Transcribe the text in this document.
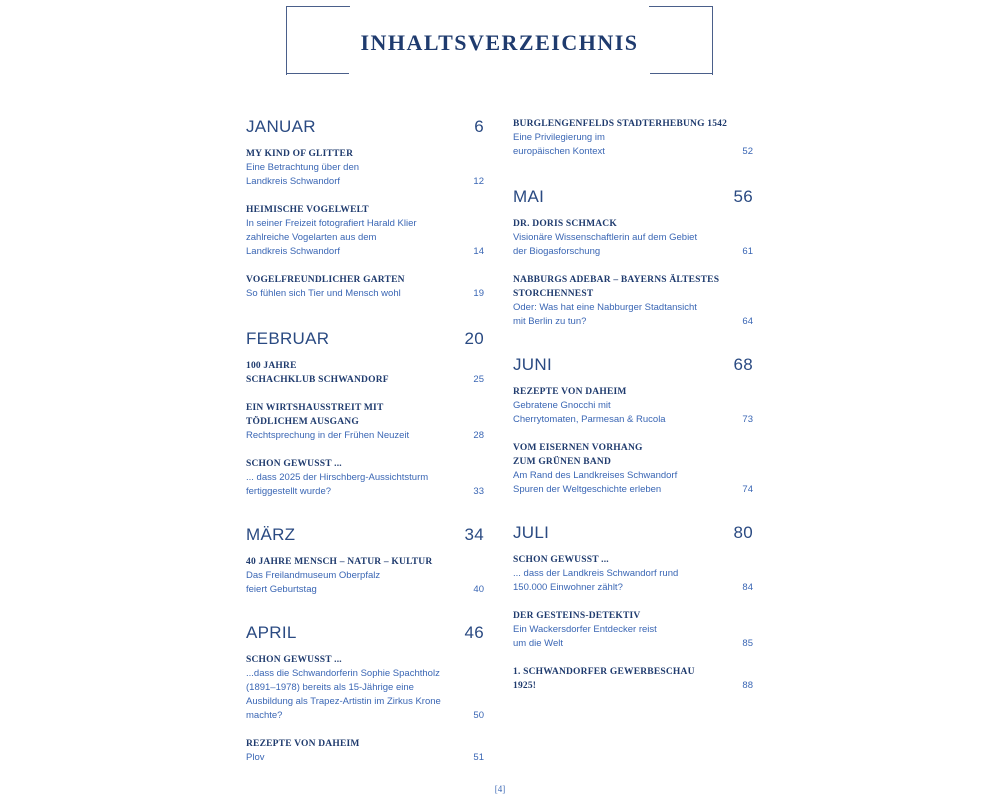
INHALTSVERZEICHNIS
JANUAR	6
MY KIND OF GLITTER
Eine Betrachtung über den
Landkreis Schwandorf	12
HEIMISCHE VOGELWELT
In seiner Freizeit fotografiert Harald Klier
zahlreiche Vogelarten aus dem
Landkreis Schwandorf	14
VOGELFREUNDLICHER GARTEN
So fühlen sich Tier und Mensch wohl	19
FEBRUAR	20
100 JAHRE
SCHACHKLUB SCHWANDORF	25
EIN WIRTSHAUSSTREIT MIT
TÖDLICHEM AUSGANG
Rechtsprechung in der Frühen Neuzeit	28
SCHON GEWUSST ...
... dass 2025 der Hirschberg-Aussichtsturm
fertiggestellt wurde?	33
MÄRZ	34
40 JAHRE MENSCH – NATUR – KULTUR
Das Freilandmuseum Oberpfalz
feiert Geburtstag	40
APRIL	46
SCHON GEWUSST ...
...dass die Schwandorferin Sophie Spachtholz
(1891–1978) bereits als 15-Jährige eine
Ausbildung als Trapez-Artistin im Zirkus Krone
machte?	50
REZEPTE VON DAHEIM
Plov	51
BURGLENGENFELDS STADTERHEBUNG 1542
Eine Privilegierung im
europäischen Kontext	52
MAI	56
DR. DORIS SCHMACK
Visionäre Wissenschaftlerin auf dem Gebiet
der Biogasforschung	61
NABBURGS ADEBAR – BAYERNS ÄLTESTES
STORCHENNEST
Oder: Was hat eine Nabburger Stadtansicht
mit Berlin zu tun?	64
JUNI	68
REZEPTE VON DAHEIM
Gebratene Gnocchi mit
Cherrytomaten, Parmesan & Rucola	73
VOM EISERNEN VORHANG
ZUM GRÜNEN BAND
Am Rand des Landkreises Schwandorf
Spuren der Weltgeschichte erleben	74
JULI	80
SCHON GEWUSST ...
... dass der Landkreis Schwandorf rund
150.000 Einwohner zählt?	84
DER GESTEINS-DETEKTIV
Ein Wackersdorfer Entdecker reist
um die Welt	85
1. SCHWANDORFER GEWERBESCHAU
1925!	88
[4]
